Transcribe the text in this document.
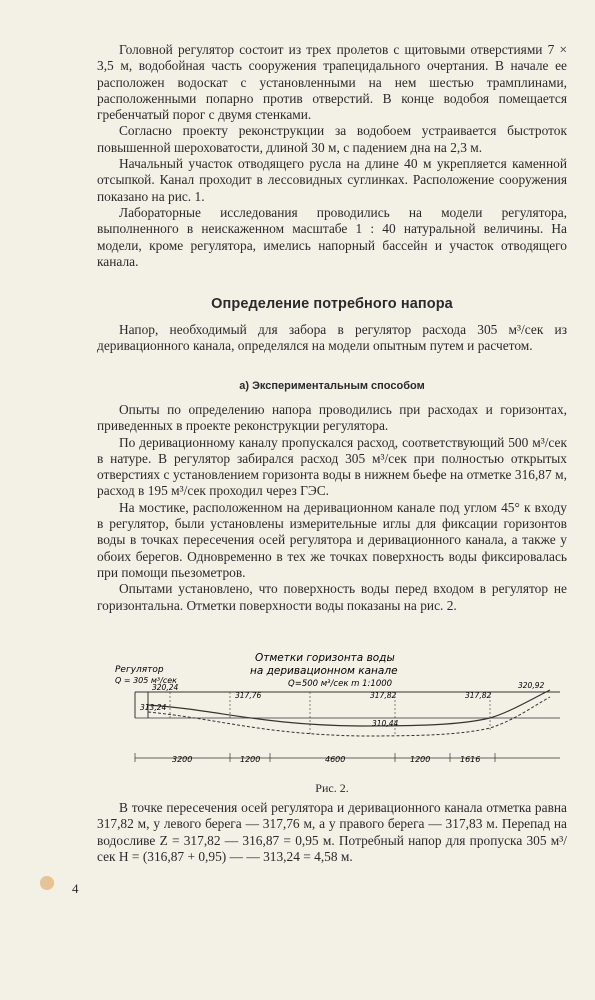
Головной регулятор состоит из трех пролетов с щитовыми отверстиями 7 × 3,5 м, водобойная часть сооружения трапецидального очертания. В начале ее расположен водоскат с установленными на нем шестью трамплинами, расположенными попарно против отверстий. В конце водобоя помещается гребенчатый порог с двумя стенками.

Согласно проекту реконструкции за водобоем устраивается быстроток повышенной шероховатости, длиной 30 м, с падением дна на 2,3 м.

Начальный участок отводящего русла на длине 40 м укрепляется каменной отсыпкой. Канал проходит в лессовидных суглинках. Расположение сооружения показано на рис. 1.

Лабораторные исследования проводились на модели регулятора, выполненного в неискаженном масштабе 1 : 40 натуральной величины. На модели, кроме регулятора, имелись напорный бассейн и участок отводящего канала.

Определение потребного напора

Напор, необходимый для забора в регулятор расхода 305 м³/сек из деривационного канала, определялся на модели опытным путем и расчетом.

а) Экспериментальным способом

Опыты по определению напора проводились при расходах и горизонтах, приведенных в проекте реконструкции регулятора.

По деривационному каналу пропускался расход, соответствующий 500 м³/сек в натуре. В регулятор забирался расход 305 м³/сек при полностью открытых отверстиях с установлением горизонта воды в нижнем бьефе на отметке 316,87 м, расход в 195 м³/сек проходил через ГЭС.

На мостике, расположенном на деривационном канале под углом 45° к входу в регулятор, были установлены измерительные иглы для фиксации горизонтов воды в точках пересечения осей регулятора и деривационного канала, а также у обоих берегов. Одновременно в тех же точках поверхность воды фиксировалась при помощи пьезометров.

Опытами установлено, что поверхность воды перед входом в регулятор не горизонтальна. Отметки поверхности воды показаны на рис. 2.

Отметки горизонта воды
на деривационном канале
Q=500 м³/сек m 1:1000
Регулятор
Q = 305 м³/сек
320,24
317,76	317,82	317,82
320,92
313,24
310,44
3200	1200	4600	1200	1616
Рис. 2.

В точке пересечения осей регулятора и деривационного канала отметка равна 317,82 м, у левого берега — 317,76 м, а у правого берега — 317,83 м. Перепад на водосливе Z = 317,82 — 316,87 = 0,95 м. Потребный напор для пропуска 305 м³/сек H = (316,87 + 0,95) — — 313,24 = 4,58 м.

4
